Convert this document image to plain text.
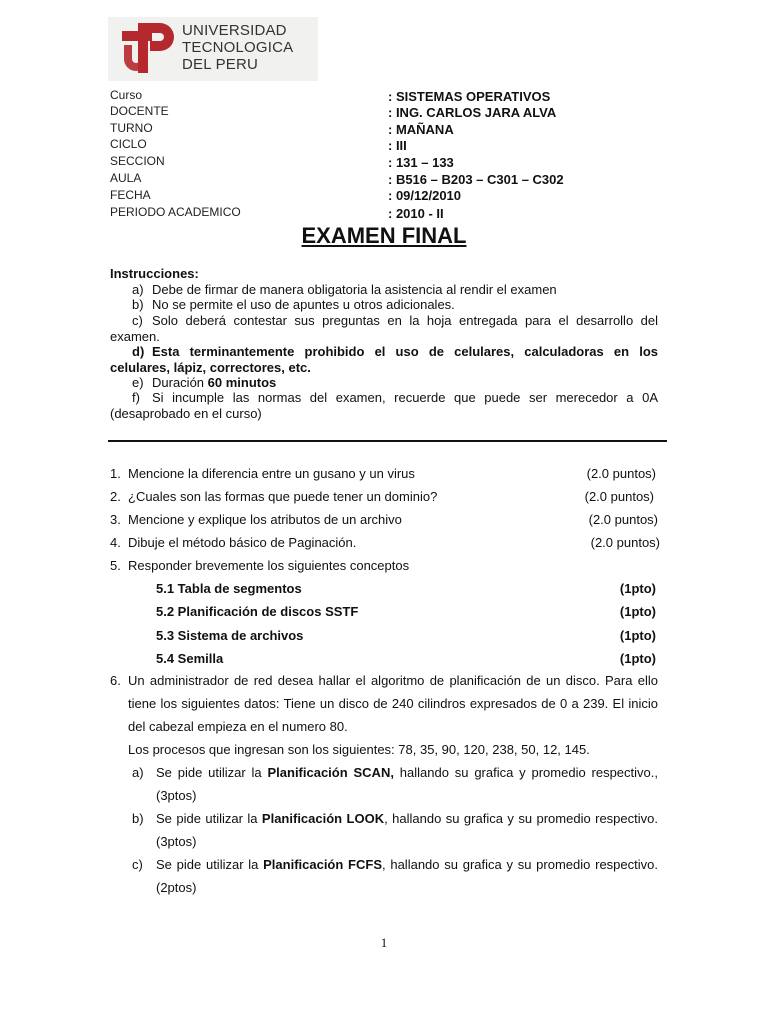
UNIVERSIDAD
TECNOLOGICA
DEL PERU
Curso	: SISTEMAS OPERATIVOS
DOCENTE	: ING. CARLOS JARA ALVA
TURNO	: MAÑANA
CICLO	: III
SECCION	: 131 – 133
AULA	: B516 – B203 – C301 – C302
FECHA	: 09/12/2010
PERIODO ACADEMICO	: 2010 - II
EXAMEN FINAL
Instrucciones:
a) Debe de firmar de manera obligatoria la asistencia al rendir el examen
b) No se permite el uso de apuntes u otros adicionales.
c) Solo deberá contestar sus preguntas en la hoja entregada para el desarrollo del examen.
d) Esta terminantemente prohibido el uso de celulares, calculadoras en los celulares, lápiz, correctores, etc.
e) Duración 60 minutos
f) Si incumple las normas del examen, recuerde que puede ser merecedor a 0A (desaprobado en el curso)
1. Mencione la diferencia entre un gusano y un virus	(2.0 puntos)
2. ¿Cuales son las formas que puede tener un dominio?	(2.0 puntos)
3. Mencione y explique los atributos de un archivo	(2.0 puntos)
4. Dibuje el método básico de Paginación.	(2.0 puntos)
5. Responder brevemente los siguientes conceptos
5.1 Tabla de segmentos	(1pto)
5.2 Planificación de discos SSTF	(1pto)
5.3 Sistema de archivos	(1pto)
5.4 Semilla	(1pto)
6. Un administrador de red desea hallar el algoritmo de planificación de un disco. Para ello tiene los siguientes datos: Tiene un disco de 240 cilindros expresados de 0 a 239. El inicio del cabezal empieza en el numero 80.
Los procesos que ingresan son los siguientes: 78, 35, 90, 120, 238, 50, 12, 145.
a) Se pide utilizar la Planificación SCAN, hallando su grafica y promedio respectivo., (3ptos)
b) Se pide utilizar la Planificación LOOK, hallando su grafica y su promedio respectivo. (3ptos)
c)	Se pide utilizar la Planificación FCFS, hallando su grafica y su promedio respectivo. (2ptos)
1
